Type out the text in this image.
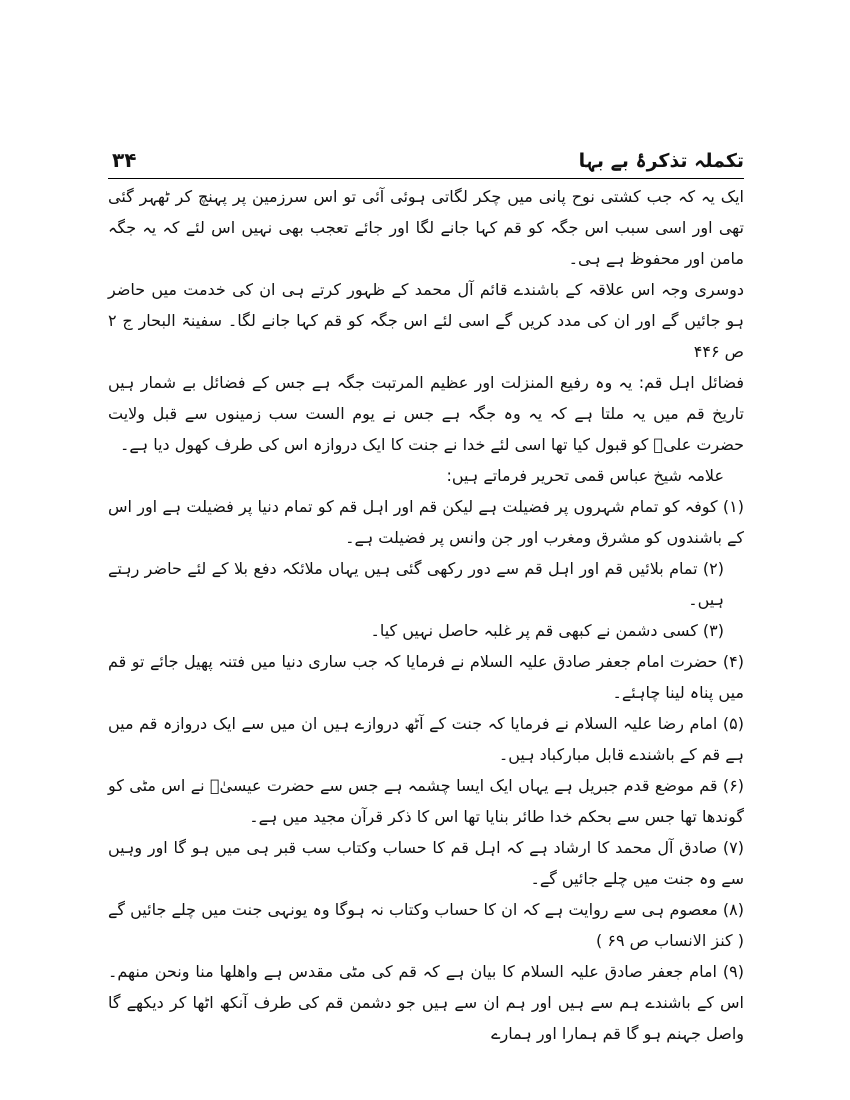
تکملہ تذکرۂ بے بہا
۳۴

ایک یہ کہ جب کشتی نوح پانی میں چکر لگاتی ہوئی آئی تو اس سرزمین پر پہنچ کر ٹھہر گئی تھی اور اسی سبب اس جگہ کو قم کہا جانے لگا اور جائے تعجب بھی نہیں اس لئے کہ یہ جگہ مامن اور محفوظ ہے ہی۔

دوسری وجہ اس علاقہ کے باشندے قائم آل محمد کے ظہور کرتے ہی ان کی خدمت میں حاضر ہو جائیں گے اور ان کی مدد کریں گے اسی لئے اس جگہ کو قم کہا جانے لگا۔ سفینۃ البحار ج ۲ ص ۴۴۶

فضائل اہل قم: یہ وہ رفیع المنزلت اور عظیم المرتبت جگہ ہے جس کے فضائل بے شمار ہیں تاریخ قم میں یہ ملتا ہے کہ یہ وہ جگہ ہے جس نے یوم الست سب زمینوں سے قبل ولایت حضرت علیؑ کو قبول کیا تھا اسی لئے خدا نے جنت کا ایک دروازہ اس کی طرف کھول دیا ہے۔

علامہ شیخ عباس قمی تحریر فرماتے ہیں:

(۱) کوفہ کو تمام شہروں پر فضیلت ہے لیکن قم اور اہل قم کو تمام دنیا پر فضیلت ہے اور اس کے باشندوں کو مشرق ومغرب اور جن وانس پر فضیلت ہے۔

(۲) تمام بلائیں قم اور اہل قم سے دور رکھی گئی ہیں یہاں ملائکہ دفع بلا کے لئے حاضر رہتے ہیں۔

(۳) کسی دشمن نے کبھی قم پر غلبہ حاصل نہیں کیا۔

(۴) حضرت امام جعفر صادق علیہ السلام نے فرمایا کہ جب ساری دنیا میں فتنہ پھیل جائے تو قم میں پناہ لینا چاہئے۔

(۵) امام رضا علیہ السلام نے فرمایا کہ جنت کے آٹھ دروازے ہیں ان میں سے ایک دروازہ قم میں ہے قم کے باشندے قابل مبارکباد ہیں۔

(۶) قم موضع قدم جبریل ہے یہاں ایک ایسا چشمہ ہے جس سے حضرت عیسیٰؑ نے اس مٹی کو گوندھا تھا جس سے بحکم خدا طائر بنایا تھا اس کا ذکر قرآن مجید میں ہے۔

(۷) صادق آل محمد کا ارشاد ہے کہ اہل قم کا حساب وکتاب سب قبر ہی میں ہو گا اور وہیں سے وہ جنت میں چلے جائیں گے۔

(۸) معصوم ہی سے روایت ہے کہ ان کا حساب وکتاب نہ ہوگا وہ یونہی جنت میں چلے جائیں گے ( کنز الانساب ص ۶۹ )

(۹) امام جعفر صادق علیہ السلام کا بیان ہے کہ قم کی مٹی مقدس ہے واھلھا منا ونحن منھم۔ اس کے باشندے ہم سے ہیں اور ہم ان سے ہیں جو دشمن قم کی طرف آنکھ اٹھا کر دیکھے گا واصل جہنم ہو گا قم ہمارا اور ہمارے
